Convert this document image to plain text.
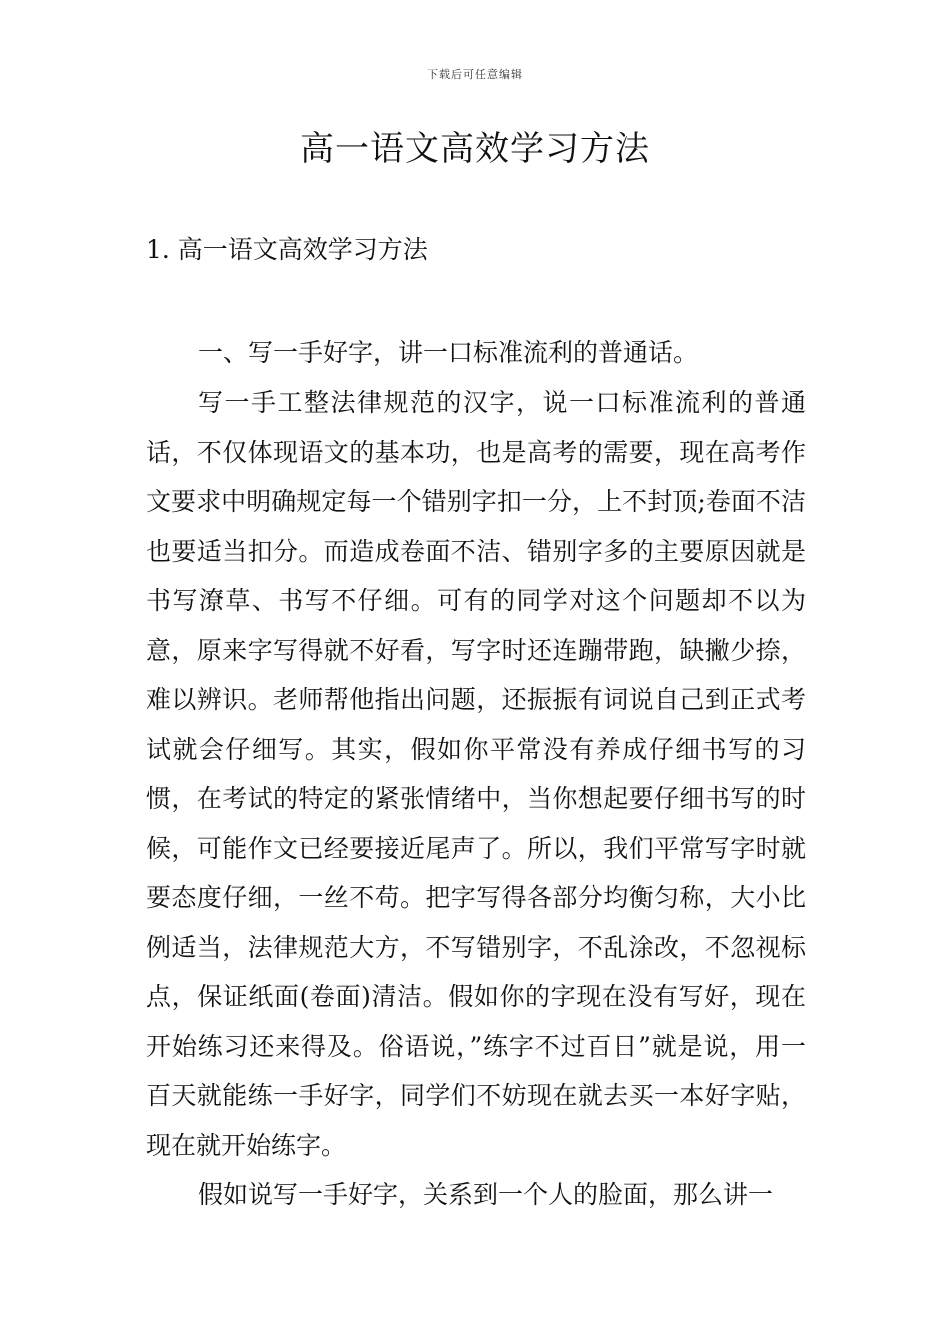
下载后可任意编辑
高一语文高效学习方法
1. 高一语文高效学习方法

一、写一手好字，讲一口标准流利的普通话。

写一手工整法律规范的汉字，说一口标准流利的普通话，不仅体现语文的基本功，也是高考的需要，现在高考作文要求中明确规定每一个错别字扣一分，上不封顶;卷面不洁也要适当扣分。而造成卷面不洁、错别字多的主要原因就是书写潦草、书写不仔细。可有的同学对这个问题却不以为意，原来字写得就不好看，写字时还连蹦带跑，缺撇少捺，难以辨识。老师帮他指出问题，还振振有词说自己到正式考试就会仔细写。其实，假如你平常没有养成仔细书写的习惯，在考试的特定的紧张情绪中，当你想起要仔细书写的时候，可能作文已经要接近尾声了。所以，我们平常写字时就要态度仔细，一丝不苟。把字写得各部分均衡匀称，大小比例适当，法律规范大方，不写错别字，不乱涂改，不忽视标点，保证纸面(卷面)清洁。假如你的字现在没有写好，现在开始练习还来得及。俗语说，”练字不过百日”就是说，用一百天就能练一手好字，同学们不妨现在就去买一本好字贴，现在就开始练字。

假如说写一手好字，关系到一个人的脸面，那么讲一
